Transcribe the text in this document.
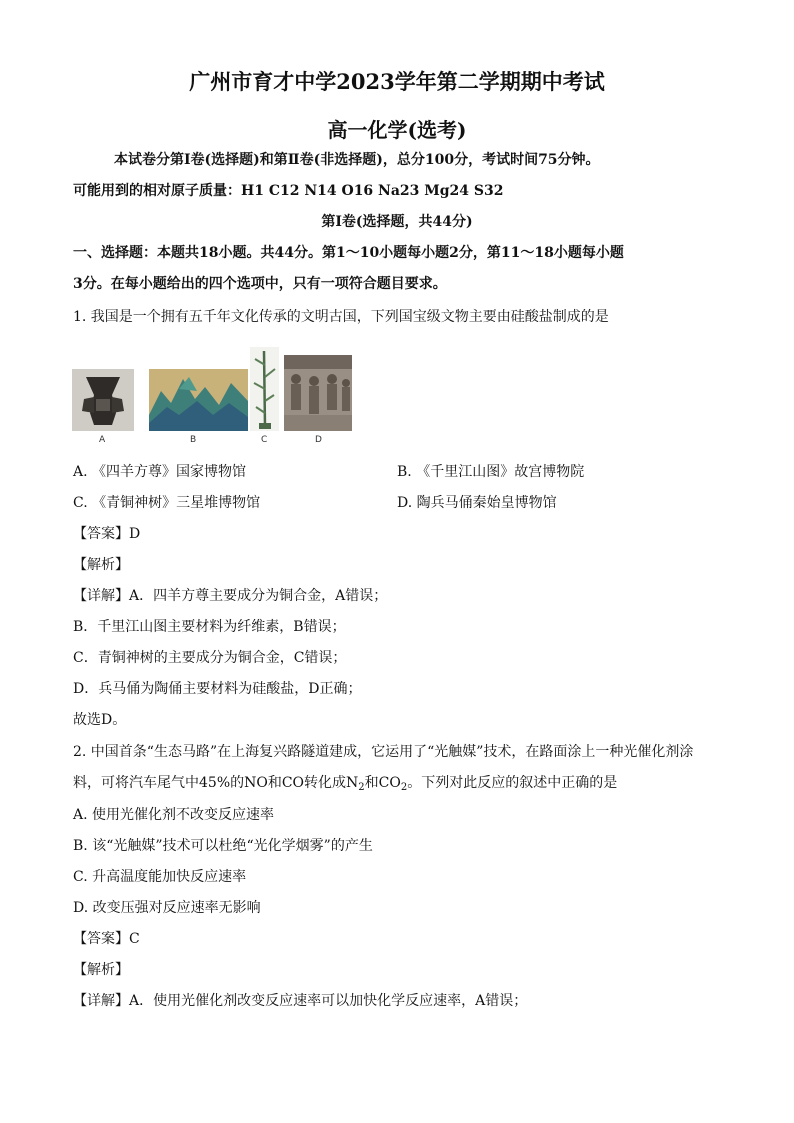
广州市育才中学2023学年第二学期期中考试
高一化学(选考)
本试卷分第Ⅰ卷(选择题)和第Ⅱ卷(非选择题)，总分100分，考试时间75分钟。
可能用到的相对原子质量：H1 C12 N14 O16 Na23 Mg24 S32
第Ⅰ卷(选择题，共44分)
一、选择题：本题共18小题。共44分。第1～10小题每小题2分，第11～18小题每小题
3分。在每小题给出的四个选项中，只有一项符合题目要求。
1. 我国是一个拥有五千年文化传承的文明古国，下列国宝级文物主要由硅酸盐制成的是
A	B	C	D
A. 《四羊方尊》国家博物馆	B. 《千里江山图》故宫博物院
C. 《青铜神树》三星堆博物馆	D. 陶兵马俑秦始皇博物馆
【答案】D
【解析】
【详解】A．四羊方尊主要成分为铜合金，A错误；
B．千里江山图主要材料为纤维素，B错误；
C．青铜神树的主要成分为铜合金，C错误；
D．兵马俑为陶俑主要材料为硅酸盐，D正确；
故选D。
2. 中国首条“生态马路”在上海复兴路隧道建成，它运用了“光触媒”技术，在路面涂上一种光催化剂涂
料，可将汽车尾气中45%的NO和CO转化成$N_2$和$CO_2$。下列对此反应的叙述中正确的是
A. 使用光催化剂不改变反应速率
B. 该“光触媒”技术可以杜绝“光化学烟雾”的产生
C. 升高温度能加快反应速率
D. 改变压强对反应速率无影响
【答案】C
【解析】
【详解】A．使用光催化剂改变反应速率可以加快化学反应速率，A错误；
